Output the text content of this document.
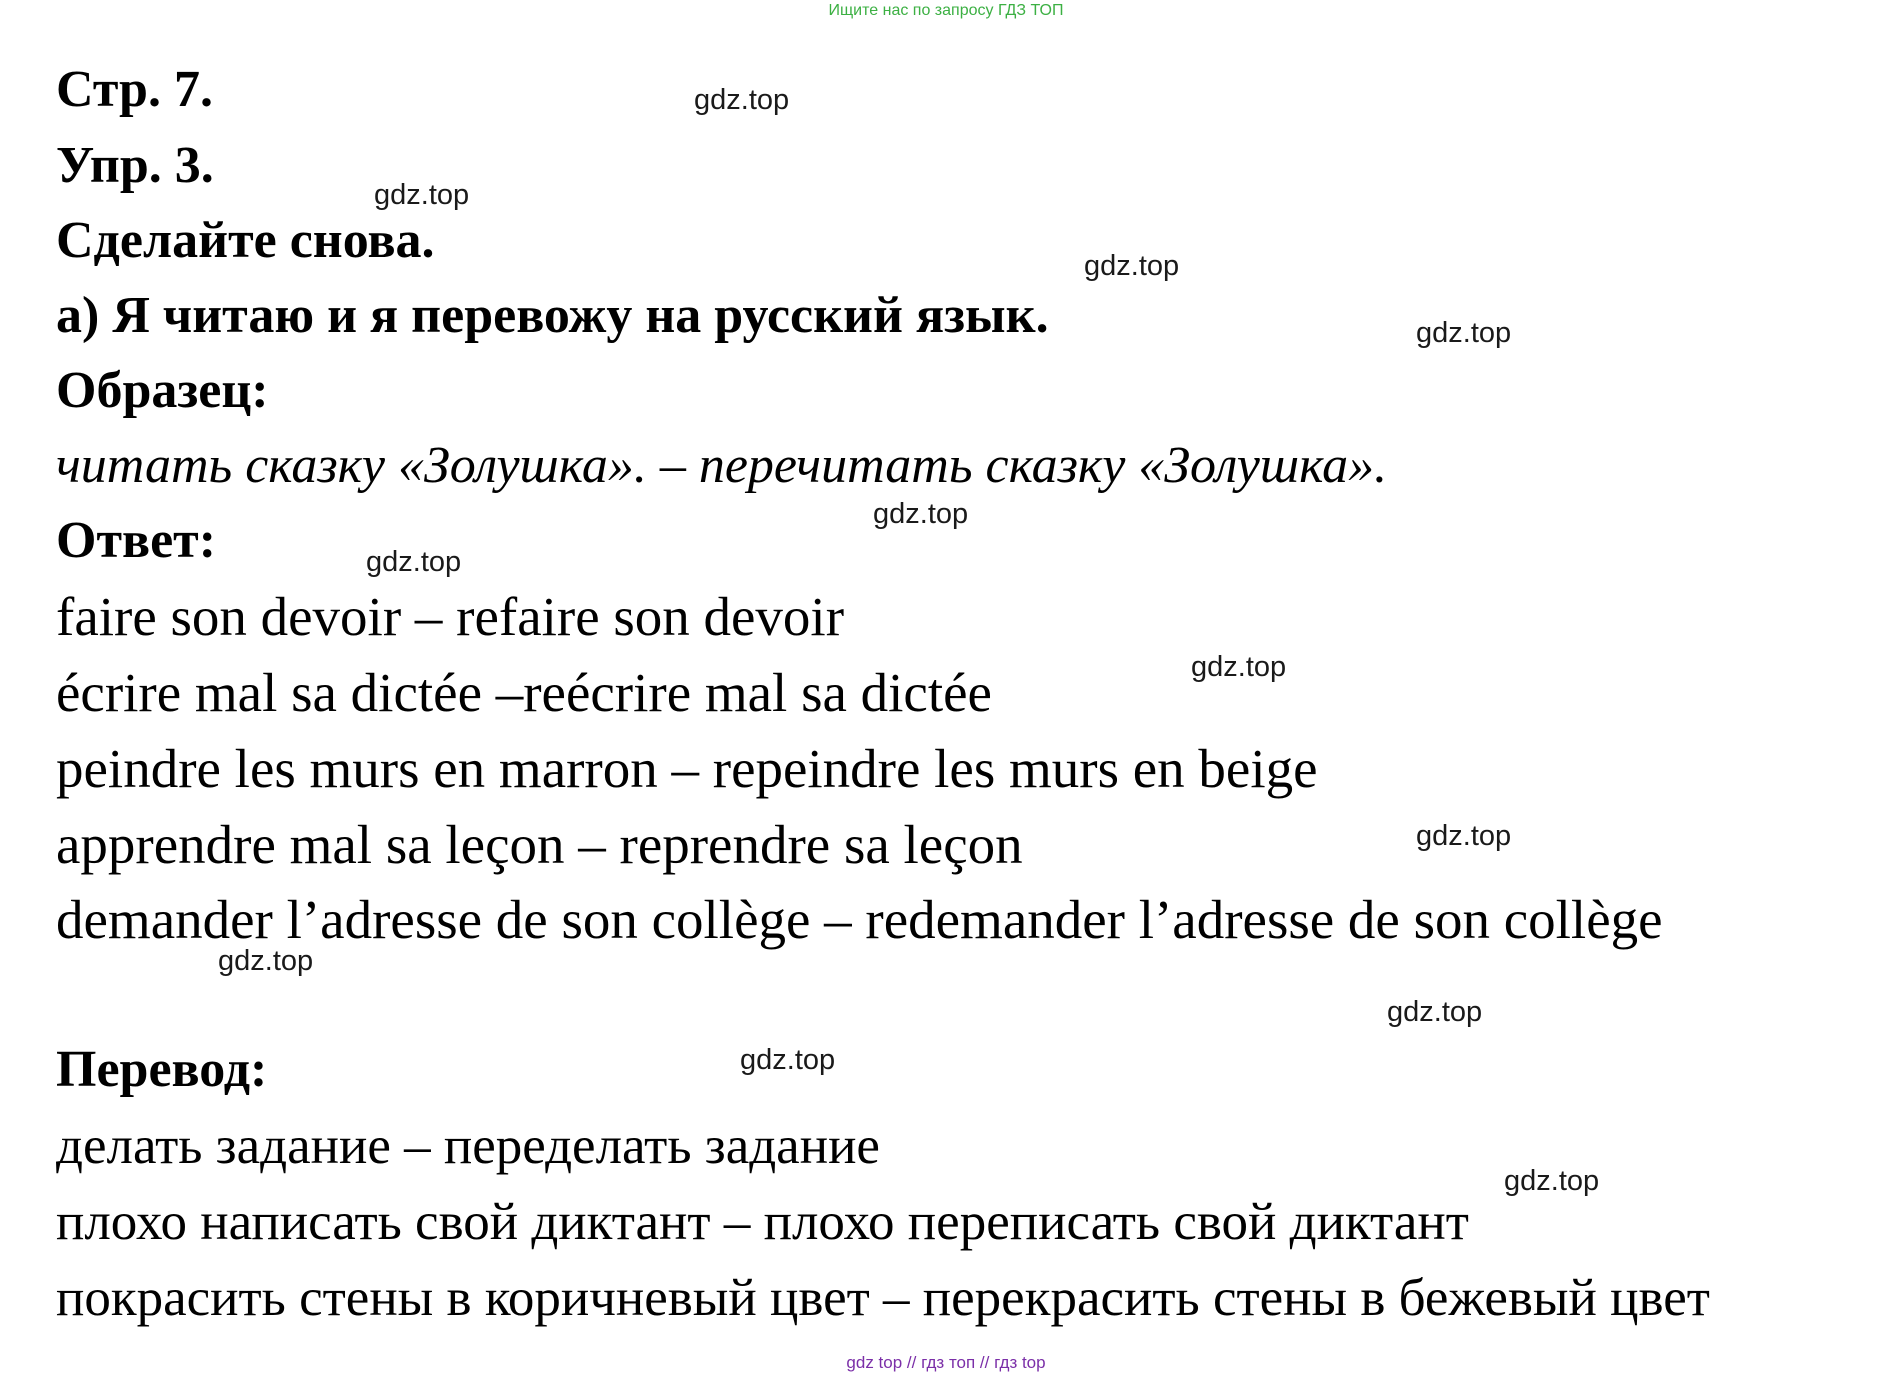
Ищите нас по запросу ГДЗ ТОП
Стр. 7.
Упр. 3.
Сделайте снова.
а) Я читаю и я перевожу на русский язык.
Образец:
читать сказку «Золушка». – перечитать сказку «Золушка».
Ответ:
faire son devoir – refaire son devoir
écrire mal sa dictée –reécrire mal sa dictée
peindre les murs en marron – repeindre les murs en beige
apprendre mal sa leçon – reprendre sa leçon
demander l’adresse de son collège – redemander l’adresse de son collège
Перевод:
делать задание – переделать задание
плохо написать свой диктант – плохо переписать свой диктант
покрасить стены в коричневый цвет – перекрасить стены в бежевый цвет
gdz.top
gdz.top
gdz.top
gdz.top
gdz.top
gdz.top
gdz.top
gdz.top
gdz.top
gdz.top
gdz.top
gdz.top
gdz top // гдз топ // гдз top
